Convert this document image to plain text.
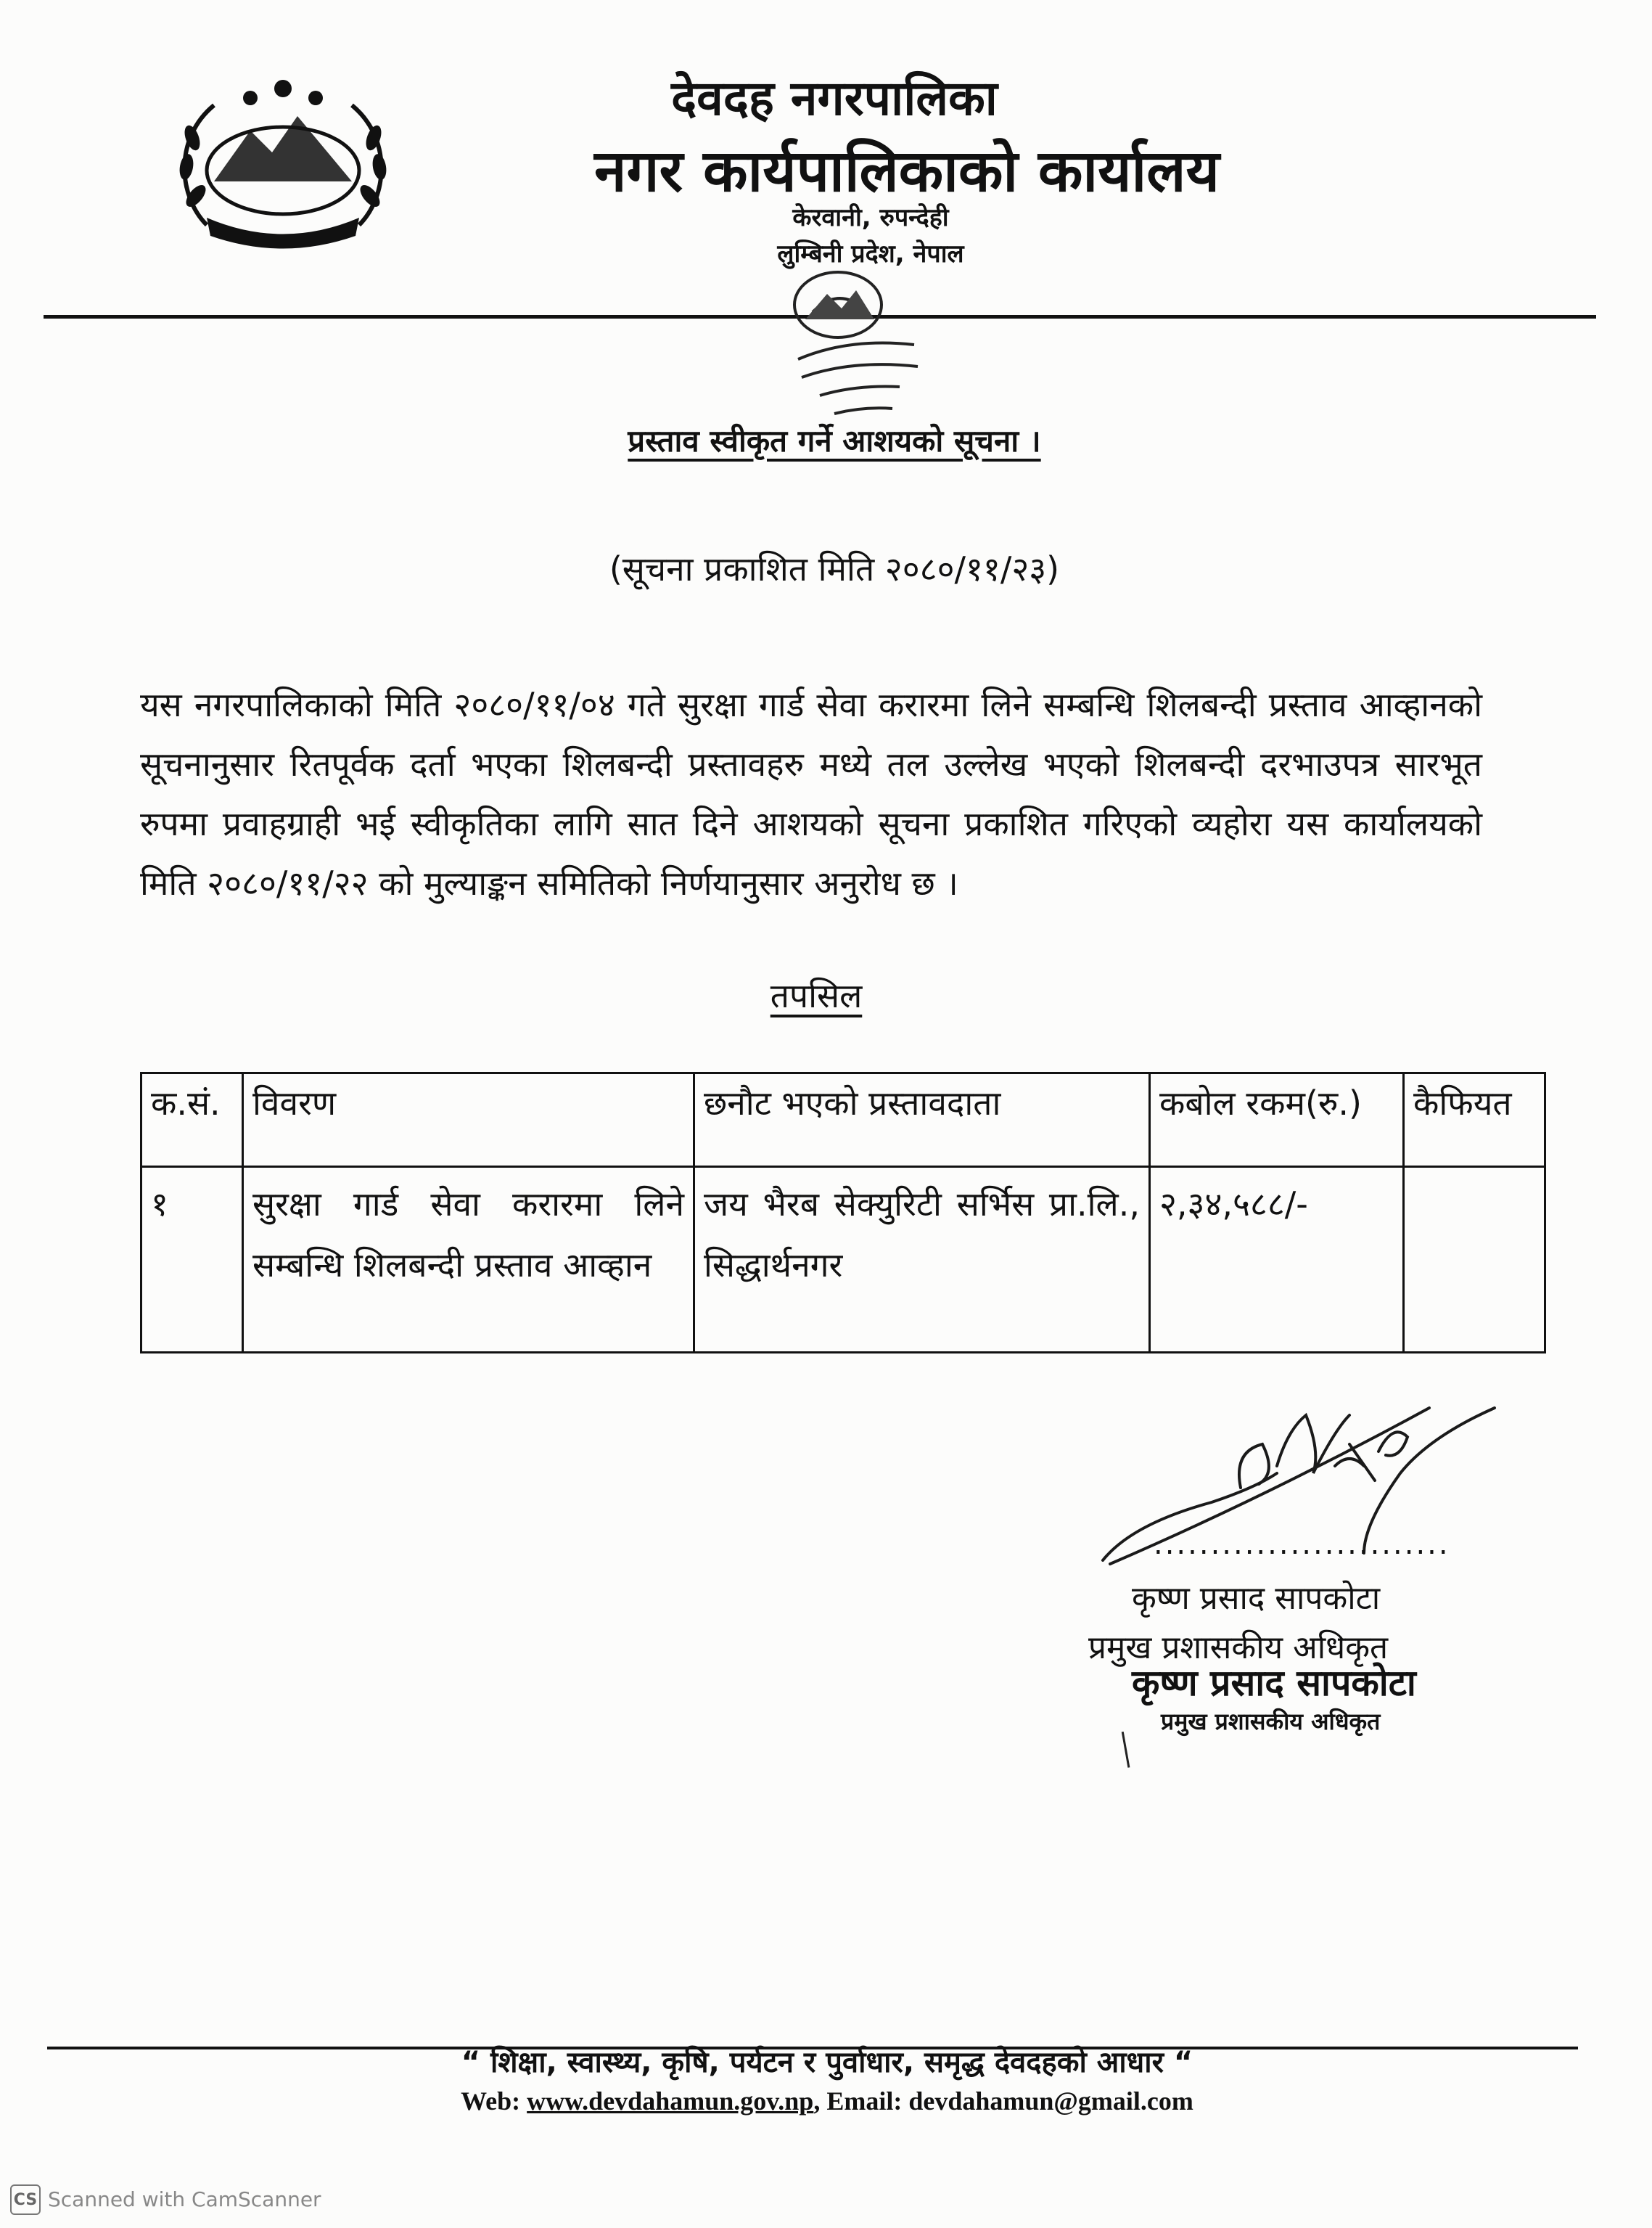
देवदह नगरपालिका
नगर कार्यपालिकाको कार्यालय
केरवानी, रुपन्देही
लुम्बिनी प्रदेश, नेपाल
प्रस्ताव स्वीकृत गर्ने आशयको सूचना ।
(सूचना प्रकाशित मिति २०८०/११/२३)
यस नगरपालिकाको मिति २०८०/११/०४ गते सुरक्षा गार्ड सेवा करारमा लिने सम्बन्धि शिलबन्दी प्रस्ताव आव्हानको सूचनानुसार रितपूर्वक दर्ता भएका शिलबन्दी प्रस्तावहरु मध्ये तल उल्लेख भएको शिलबन्दी दरभाउपत्र सारभूत रुपमा प्रवाहग्राही भई स्वीकृतिका लागि सात दिने आशयको सूचना प्रकाशित गरिएको व्यहोरा यस कार्यालयको मिति २०८०/११/२२ को मुल्याङ्कन समितिको निर्णयानुसार अनुरोध छ ।
तपसिल
क.सं.	विवरण	छनौट भएको प्रस्तावदाता	कबोल रकम(रु.)	कैफियत
१	सुरक्षा गार्ड सेवा करारमा लिने सम्बन्धि शिलबन्दी प्रस्ताव आव्हान	जय भैरब सेक्युरिटी सर्भिस प्रा.लि., सिद्धार्थनगर	२,३४,५८८/-	
..........................
कृष्ण प्रसाद सापकोटा
प्रमुख प्रशासकीय अधिकृत
कृष्ण प्रसाद सापकोटा
प्रमुख प्रशासकीय अधिकृत
“ शिक्षा, स्वास्थ्य, कृषि, पर्यटन र पुर्वाधार, समृद्ध देवदहको आधार “
Web: www.devdahamun.gov.np, Email: devdahamun@gmail.com
CS Scanned with CamScanner
